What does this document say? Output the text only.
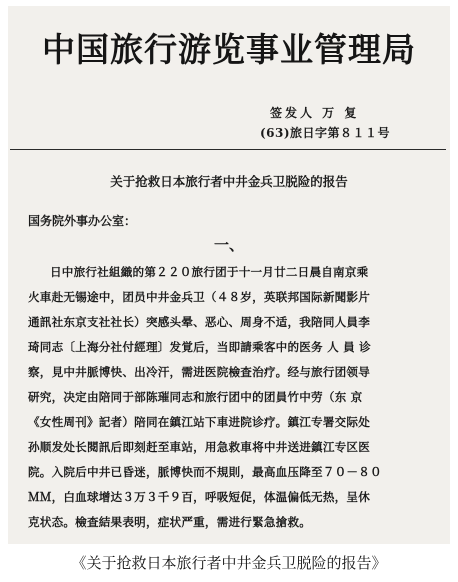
中国旅行游览事业管理局
签发人 万 复
(63)旅日字第８１１号
关于抢救日本旅行者中井金兵卫脱险的报告
国务院外事办公室：
一、
日中旅行社組織的第２２０旅行团于十一月廿二日晨自南京乘
火車赴无锡途中，团员中井金兵卫（４８岁，英联邦国际新聞影片
通訊社东京支社社长）突感头晕、恶心、周身不适，我陪同人員李
琦同志〔上海分社付經理〕发覚后，当即請乘客中的医务 人 員 诊
察，見中井脈博快、出冷汗，需进医院檢查治疗。经与旅行团领导
研究，决定由陪同于部陈璀同志和旅行团中的团員竹中劳（东 京
《女性周刊》記者）陪同在鎮江站下車进院诊疗。鎮江专署交际处
孙顺发处长閱訊后即刻赶至車站，用急救車将中井送进鎮江专区医
院。入院后中井已昏迷，脈博快而不規則，最高血压降至７０－８０
ＭＭ，白血球增达３万３千９百，呼吸短促，体温偏低无热，呈休
克状态。檢查結果表明，症状严重，需进行緊急搶救。
《关于抢救日本旅行者中井金兵卫脱险的报告》
